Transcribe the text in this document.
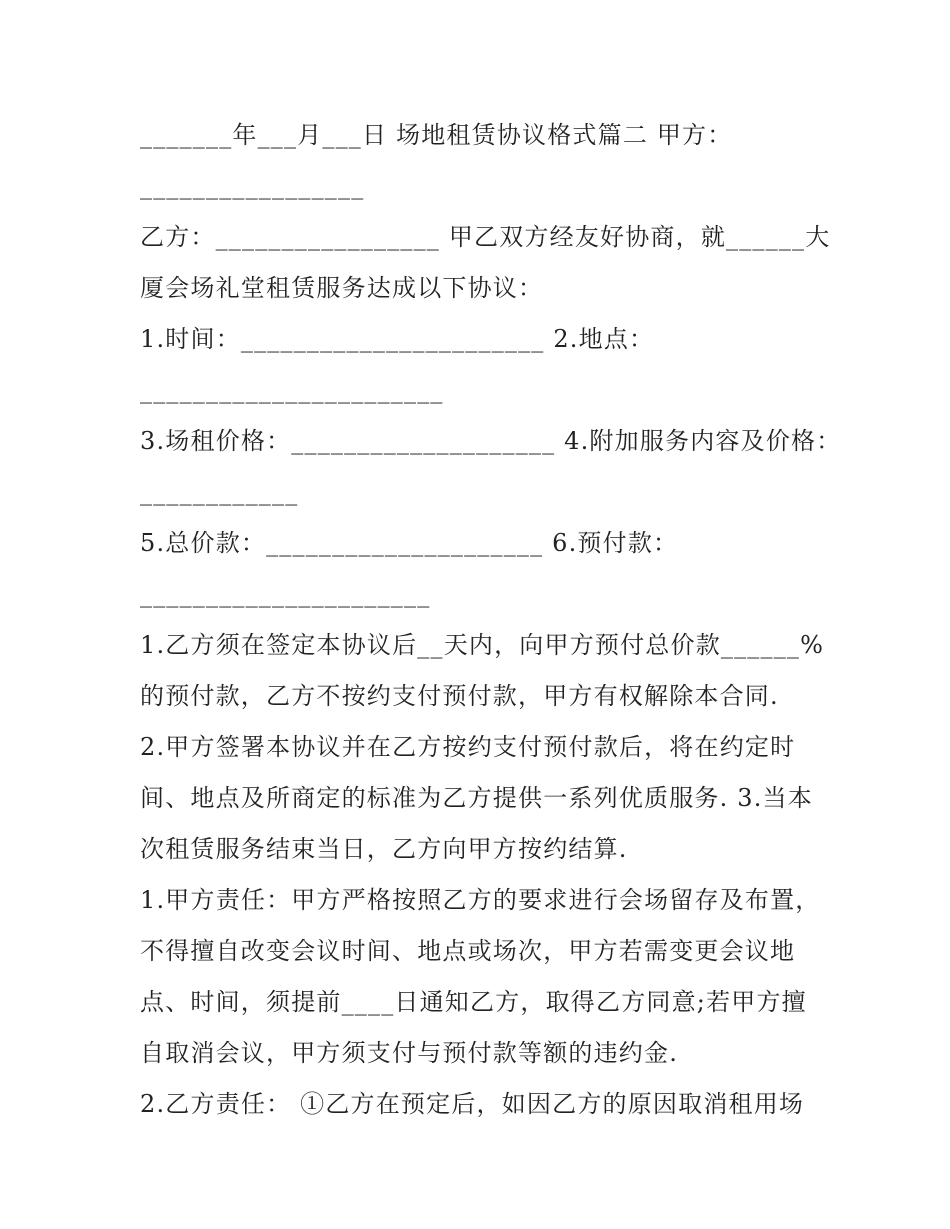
_______年___月___日 场地租赁协议格式篇二 甲方：
_________________
乙方：_________________ 甲乙双方经友好协商，就______大
厦会场礼堂租赁服务达成以下协议：
1.时间：_______________________ 2.地点：
_______________________
3.场租价格：____________________ 4.附加服务内容及价格：
____________
5.总价款：_____________________ 6.预付款：
______________________
1.乙方须在签定本协议后__天内，向甲方预付总价款______%
的预付款，乙方不按约支付预付款，甲方有权解除本合同.
2.甲方签署本协议并在乙方按约支付预付款后，将在约定时
间、地点及所商定的标准为乙方提供一系列优质服务. 3.当本
次租赁服务结束当日，乙方向甲方按约结算.
1.甲方责任：甲方严格按照乙方的要求进行会场留存及布置，
不得擅自改变会议时间、地点或场次，甲方若需变更会议地
点、时间，须提前____日通知乙方，取得乙方同意;若甲方擅
自取消会议，甲方须支付与预付款等额的违约金.
2.乙方责任： ①乙方在预定后，如因乙方的原因取消租用场
